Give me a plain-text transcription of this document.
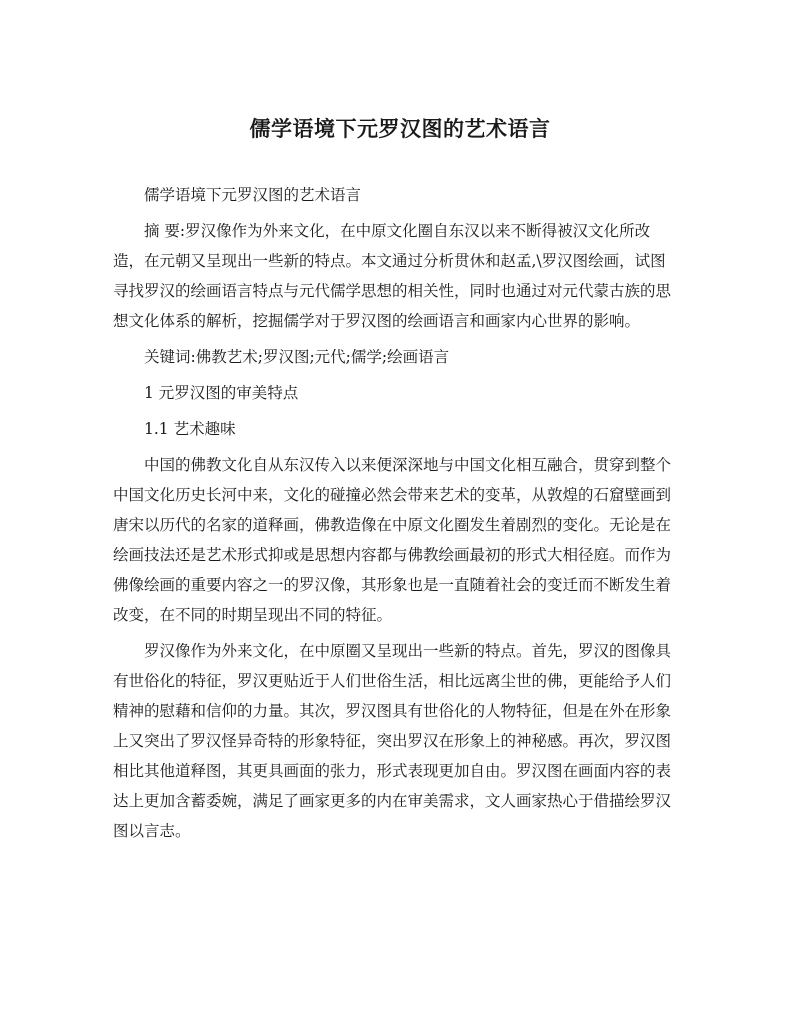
儒学语境下元罗汉图的艺术语言
儒学语境下元罗汉图的艺术语言
摘 要:罗汉像作为外来文化，在中原文化圈自东汉以来不断得被汉文化所改
造，在元朝又呈现出一些新的特点。本文通过分析贯休和赵孟,\罗汉图绘画，试图
寻找罗汉的绘画语言特点与元代儒学思想的相关性，同时也通过对元代蒙古族的思
想文化体系的解析，挖掘儒学对于罗汉图的绘画语言和画家内心世界的影响。
关键词:佛教艺术;罗汉图;元代;儒学;绘画语言
1 元罗汉图的审美特点
1.1 艺术趣味
中国的佛教文化自从东汉传入以来便深深地与中国文化相互融合，贯穿到整个
中国文化历史长河中来，文化的碰撞必然会带来艺术的变革，从敦煌的石窟壁画到
唐宋以历代的名家的道释画，佛教造像在中原文化圈发生着剧烈的变化。无论是在
绘画技法还是艺术形式抑或是思想内容都与佛教绘画最初的形式大相径庭。而作为
佛像绘画的重要内容之一的罗汉像，其形象也是一直随着社会的变迁而不断发生着
改变，在不同的时期呈现出不同的特征。
罗汉像作为外来文化，在中原圈又呈现出一些新的特点。首先，罗汉的图像具
有世俗化的特征，罗汉更贴近于人们世俗生活，相比远离尘世的佛，更能给予人们
精神的慰藉和信仰的力量。其次，罗汉图具有世俗化的人物特征，但是在外在形象
上又突出了罗汉怪异奇特的形象特征，突出罗汉在形象上的神秘感。再次，罗汉图
相比其他道释图，其更具画面的张力，形式表现更加自由。罗汉图在画面内容的表
达上更加含蓄委婉，满足了画家更多的内在审美需求，文人画家热心于借描绘罗汉
图以言志。
